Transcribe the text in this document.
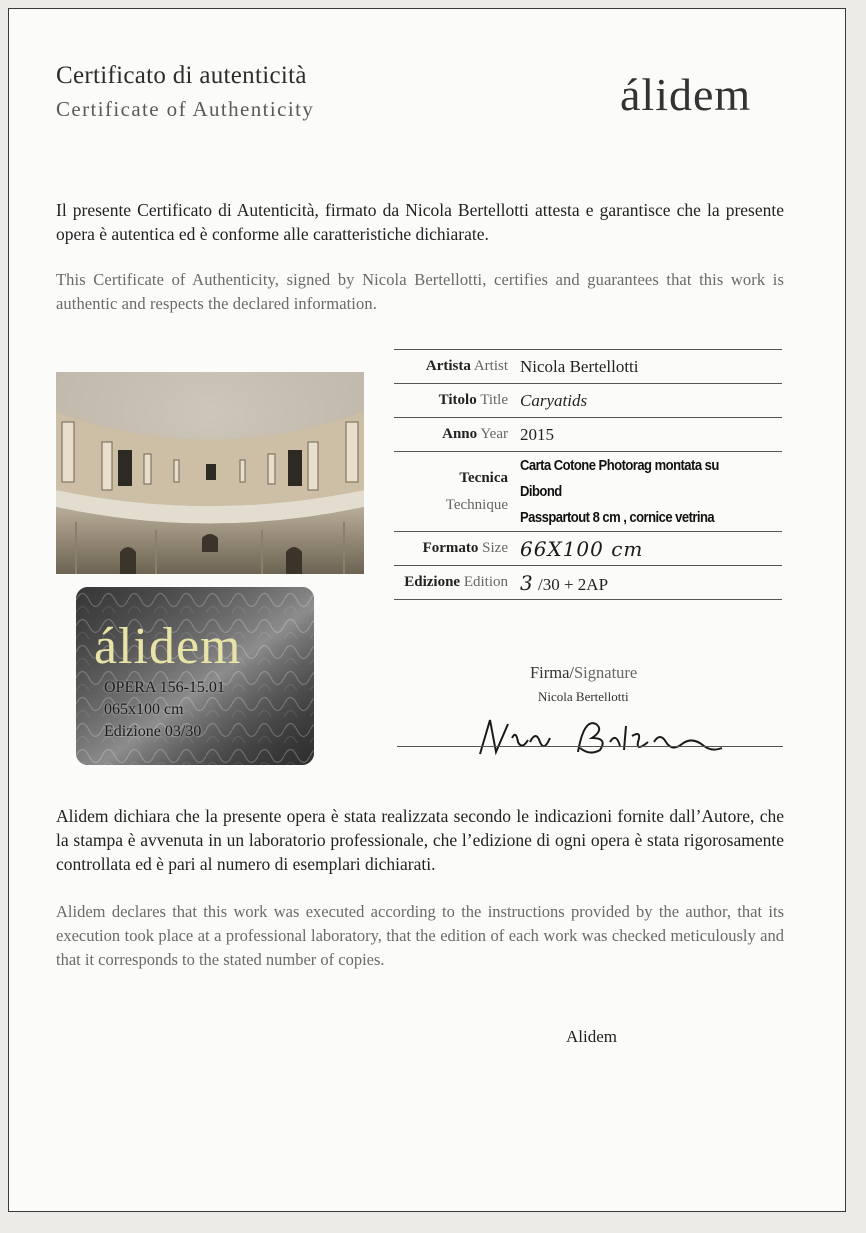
Certificato di autenticità
Certificate of Authenticity	álidem
Il presente Certificato di Autenticità, firmato da Nicola Bertellotti attesta e garantisce che la presente opera è autentica ed è conforme alle caratteristiche dichiarate.
This Certificate of Authenticity, signed by Nicola Bertellotti, certifies and guarantees that this work is authentic and respects the declared information.
álidem
OPERA 156-15.01
065x100 cm
Edizione 03/30
Artista Artist Nicola Bertellotti
Titolo Title Caryatids
Anno Year 2015
Tecnica
Technique
Carta Cotone Photorag montata su Dibond
Passpartout 8 cm , cornice vetrina
Formato Size 66X100 cm
Edizione Edition 3 /30 + 2AP
Firma/Signature
Nicola Bertellotti
Alidem dichiara che la presente opera è stata realizzata secondo le indicazioni fornite dall’Autore, che la stampa è avvenuta in un laboratorio professionale, che l’edizione di ogni opera è stata rigorosamente controllata ed è pari al numero di esemplari dichiarati.
Alidem declares that this work was executed according to the instructions provided by the author, that its execution took place at a professional laboratory, that the edition of each work was checked meticulously and that it corresponds to the stated number of copies.
Alidem
